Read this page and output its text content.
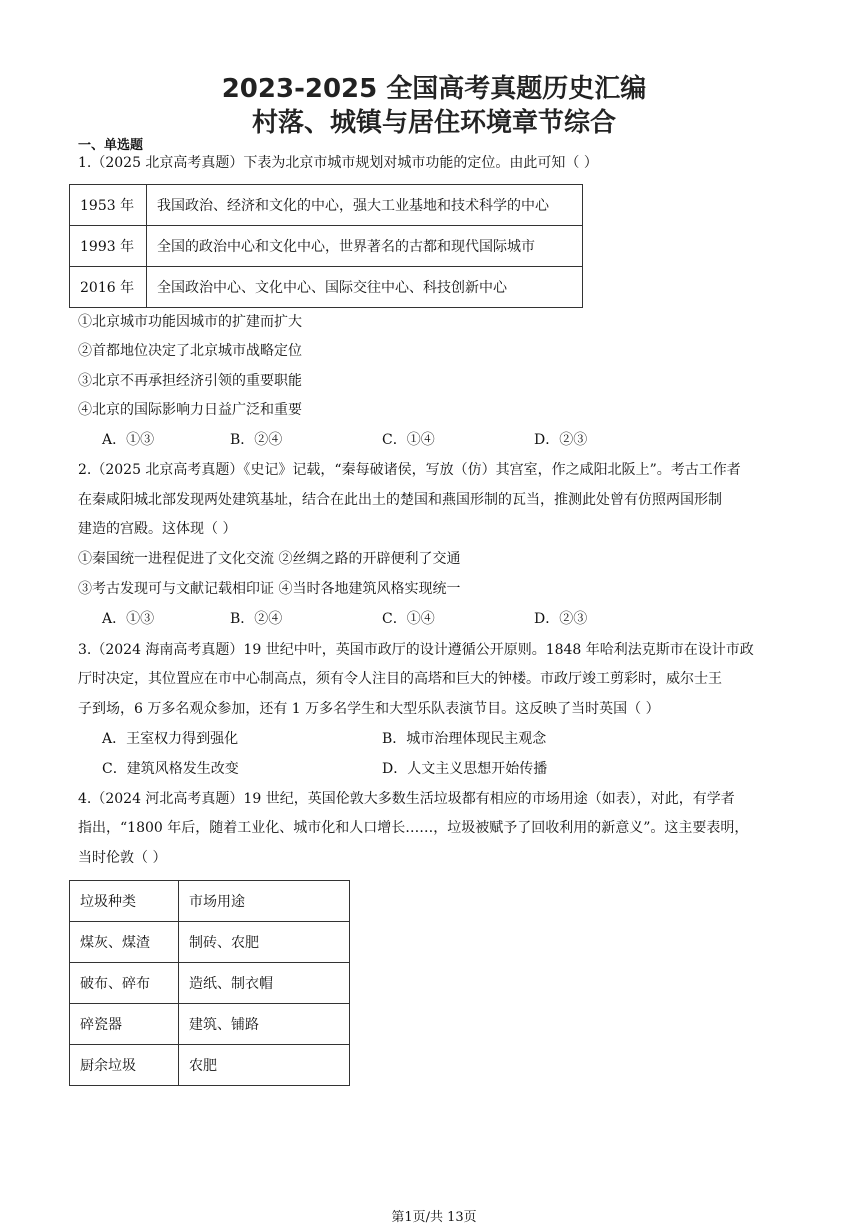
2023-2025 全国高考真题历史汇编
村落、城镇与居住环境章节综合
一、单选题
1.（2025 北京高考真题）下表为北京市城市规划对城市功能的定位。由此可知（ ）
1953 年	我国政治、经济和文化的中心，强大工业基地和技术科学的中心
1993 年	全国的政治中心和文化中心，世界著名的古都和现代国际城市
2016 年	全国政治中心、文化中心、国际交往中心、科技创新中心
①北京城市功能因城市的扩建而扩大
②首都地位决定了北京城市战略定位
③北京不再承担经济引领的重要职能
④北京的国际影响力日益广泛和重要
A．①③	B．②④	C．①④	D．②③
2.（2025 北京高考真题）《史记》记载，“秦每破诸侯，写放（仿）其宫室，作之咸阳北阪上”。考古工作者
在秦咸阳城北部发现两处建筑基址，结合在此出土的楚国和燕国形制的瓦当，推测此处曾有仿照两国形制
建造的宫殿。这体现（ ）
①秦国统一进程促进了文化交流 ②丝绸之路的开辟便利了交通
③考古发现可与文献记载相印证 ④当时各地建筑风格实现统一
A．①③	B．②④	C．①④	D．②③
3.（2024 海南高考真题）19 世纪中叶，英国市政厅的设计遵循公开原则。1848 年哈利法克斯市在设计市政
厅时决定，其位置应在市中心制高点，须有令人注目的高塔和巨大的钟楼。市政厅竣工剪彩时，威尔士王
子到场，6 万多名观众参加，还有 1 万多名学生和大型乐队表演节目。这反映了当时英国（ ）
A．王室权力得到强化	B．城市治理体现民主观念
C．建筑风格发生改变	D．人文主义思想开始传播
4.（2024 河北高考真题）19 世纪，英国伦敦大多数生活垃圾都有相应的市场用途（如表），对此，有学者
指出，“1800 年后，随着工业化、城市化和人口增长……，垃圾被赋予了回收利用的新意义”。这主要表明，
当时伦敦（ ）
垃圾种类	市场用途
煤灰、煤渣	制砖、农肥
破布、碎布	造纸、制衣帽
碎瓷器	建筑、铺路
厨余垃圾	农肥
第1页/共 13页
